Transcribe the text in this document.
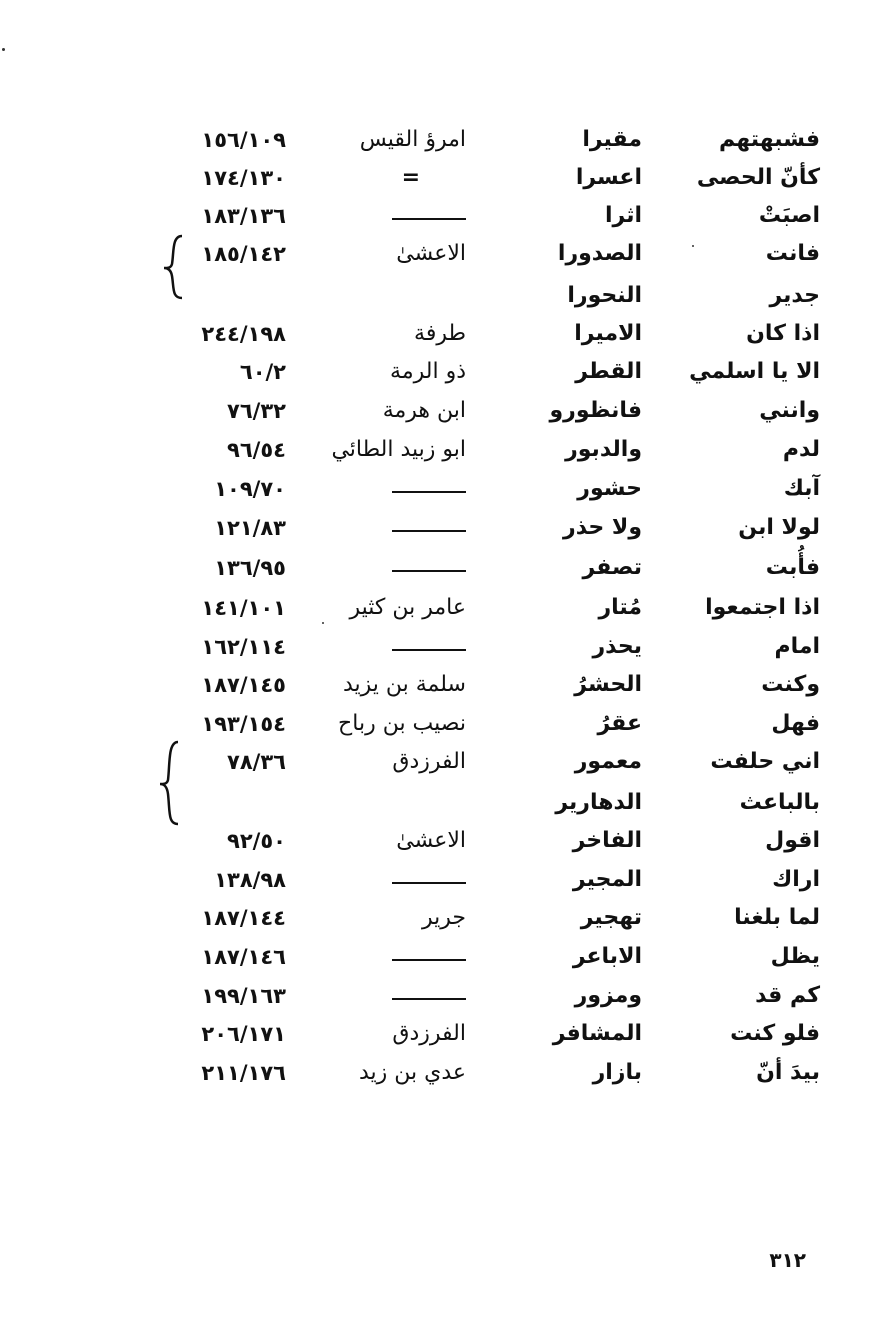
فشبهتهم
مقيرا
امرؤ القيس
١٥٦/١٠٩
كأنّ الحصى
اعسرا
=
١٧٤/١٣٠
اصبَتْ
اثرا
١٨٣/١٣٦
فانت
الصدورا
الاعشىٰ
١٨٥/١٤٢
جدير
النحورا
اذا كان
الاميرا
طرفة
٢٤٤/١٩٨
الا يا اسلمي
القطر
ذو الرمة
٦٠/٢
وانني
فانظورو
ابن هرمة
٧٦/٣٢
لدم
والدبور
ابو زبيد الطائي
٩٦/٥٤
آبك
حشور
١٠٩/٧٠
لولا ابن
ولا حذر
١٢١/٨٣
فأُبت
تصفر
١٣٦/٩٥
اذا اجتمعوا
مُتار
عامر بن كثير
١٤١/١٠١
امام
يحذر
١٦٢/١١٤
وكنت
الحشرُ
سلمة بن يزيد
١٨٧/١٤٥
فهل
عقرُ
نصيب بن رباح
١٩٣/١٥٤
اني حلفت
معمور
الفرزدق
٧٨/٣٦
بالباعث
الدهارير
اقول
الفاخر
الاعشىٰ
٩٢/٥٠
اراك
المجير
١٣٨/٩٨
لما بلغنا
تهجير
جرير
١٨٧/١٤٤
يظل
الاباعر
١٨٧/١٤٦
كم قد
ومزور
١٩٩/١٦٣
فلو كنت
المشافر
الفرزدق
٢٠٦/١٧١
بيدَ أنّ
بازار
عدي بن زيد
٢١١/١٧٦
٣١٢
